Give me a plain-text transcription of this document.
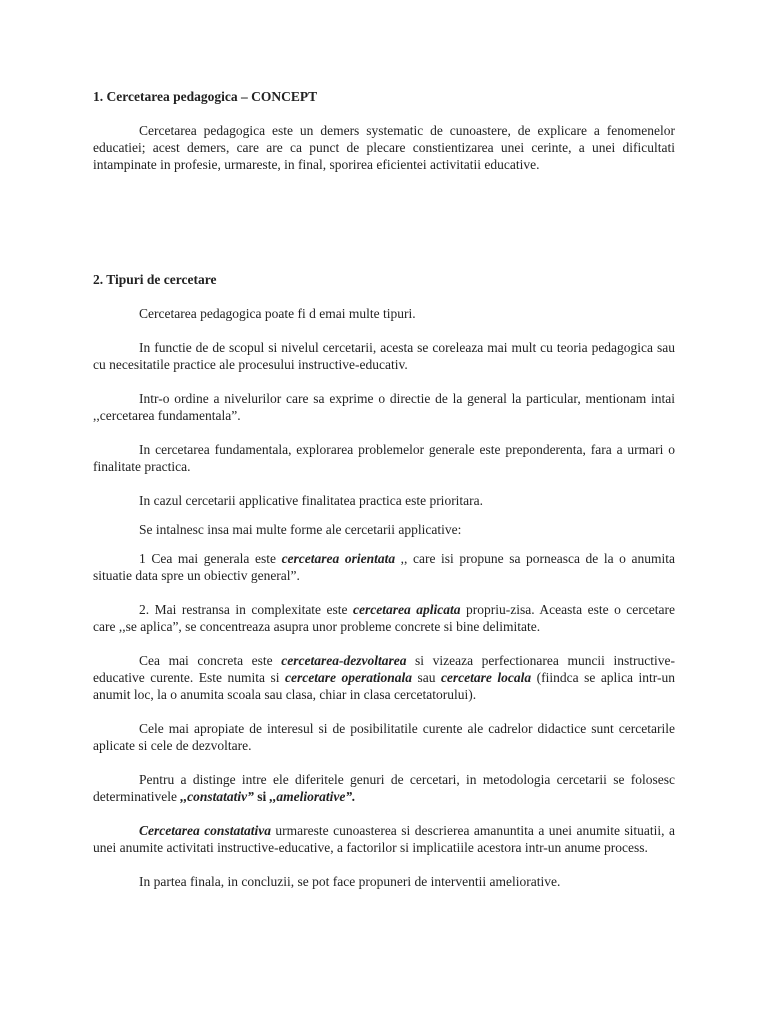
1. Cercetarea pedagogica – CONCEPT

Cercetarea pedagogica este un demers systematic de cunoastere, de explicare a fenomenelor educatiei; acest demers, care are ca punct de plecare constientizarea unei cerinte, a unei dificultati intampinate in profesie, urmareste, in final, sporirea eficientei activitatii educative.

2. Tipuri de cercetare

Cercetarea pedagogica poate fi d emai multe tipuri.

In functie de de scopul si nivelul cercetarii, acesta se coreleaza mai mult cu teoria pedagogica sau cu necesitatile practice ale procesului instructive-educativ.

Intr-o ordine a nivelurilor care sa exprime o directie de la general la particular, mentionam intai ,,cercetarea fundamentala”.

In cercetarea fundamentala, explorarea problemelor generale este preponderenta, fara a urmari o finalitate practica.

In cazul cercetarii applicative finalitatea practica este prioritara.

Se intalnesc insa mai multe forme ale cercetarii applicative:

1 Cea mai generala este cercetarea orientata ,, care isi propune sa porneasca de la o anumita situatie data spre un obiectiv general”.

2. Mai restransa in complexitate este cercetarea aplicata propriu-zisa. Aceasta este o cercetare care ,,se aplica”, se concentreaza asupra unor probleme concrete si bine delimitate.

Cea mai concreta este cercetarea-dezvoltarea si vizeaza perfectionarea muncii instructive-educative curente. Este numita si cercetare operationala sau cercetare locala (fiindca se aplica intr-un anumit loc, la o anumita scoala sau clasa, chiar in clasa cercetatorului).

Cele mai apropiate de interesul si de posibilitatile curente ale cadrelor didactice sunt cercetarile aplicate si cele de dezvoltare.

Pentru a distinge intre ele diferitele genuri de cercetari, in metodologia cercetarii se folosesc determinativele ,,constatativ” si ,,ameliorative”.

Cercetarea constatativa urmareste cunoasterea si descrierea amanuntita a unei anumite situatii, a unei anumite activitati instructive-educative, a factorilor si implicatiile acestora intr-un anume process.

In partea finala, in concluzii, se pot face propuneri de interventii ameliorative.
